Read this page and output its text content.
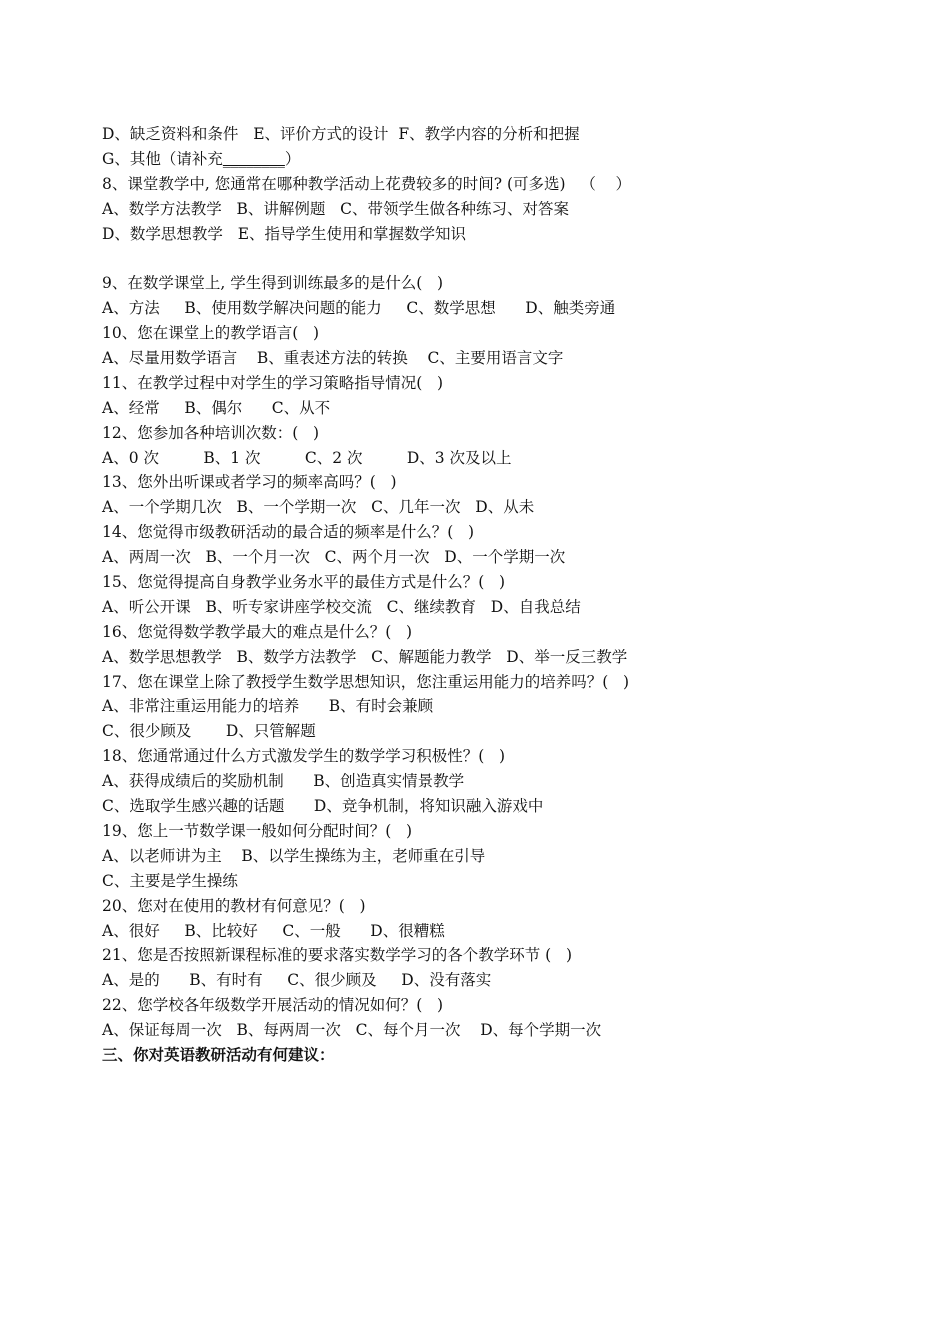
D、缺乏资料和条件   E、评价方式的设计  F、教学内容的分析和把握
G、其他（请补充________）
8、课堂教学中, 您通常在哪种教学活动上花费较多的时间? (可多选)   （    ）
A、数学方法教学   B、讲解例题   C、带领学生做各种练习、对答案
D、数学思想教学   E、指导学生使用和掌握数学知识
9、在数学课堂上, 学生得到训练最多的是什么(   )
A、方法     B、使用数学解决问题的能力     C、数学思想      D、触类旁通
10、您在课堂上的教学语言(   )
A、尽量用数学语言    B、重表述方法的转换    C、主要用语言文字
11、在教学过程中对学生的学习策略指导情况(   )
A、经常     B、偶尔      C、从不
12、您参加各种培训次数：(   )
A、0 次         B、1 次         C、2 次         D、3 次及以上
13、您外出听课或者学习的频率高吗？(   )
A、一个学期几次   B、一个学期一次   C、几年一次   D、从未
14、您觉得市级教研活动的最合适的频率是什么？(   )
A、两周一次   B、一个月一次   C、两个月一次   D、一个学期一次
15、您觉得提高自身教学业务水平的最佳方式是什么？(   )
A、听公开课   B、听专家讲座学校交流   C、继续教育   D、自我总结
16、您觉得数学教学最大的难点是什么？(   )
A、数学思想教学   B、数学方法教学   C、解题能力教学   D、举一反三教学
17、您在课堂上除了教授学生数学思想知识，您注重运用能力的培养吗？(   )
A、非常注重运用能力的培养      B、有时会兼顾
C、很少顾及       D、只管解题
18、您通常通过什么方式激发学生的数学学习积极性？(   )
A、获得成绩后的奖励机制      B、创造真实情景教学
C、选取学生感兴趣的话题      D、竞争机制，将知识融入游戏中
19、您上一节数学课一般如何分配时间？(   )
A、以老师讲为主    B、以学生操练为主，老师重在引导
C、主要是学生操练
20、您对在使用的教材有何意见？(   )
A、很好     B、比较好     C、一般      D、很糟糕
21、您是否按照新课程标准的要求落实数学学习的各个教学环节 (   )
A、是的      B、有时有     C、很少顾及     D、没有落实
22、您学校各年级数学开展活动的情况如何？(   )
A、保证每周一次   B、每两周一次   C、每个月一次    D、每个学期一次
三、你对英语教研活动有何建议：
